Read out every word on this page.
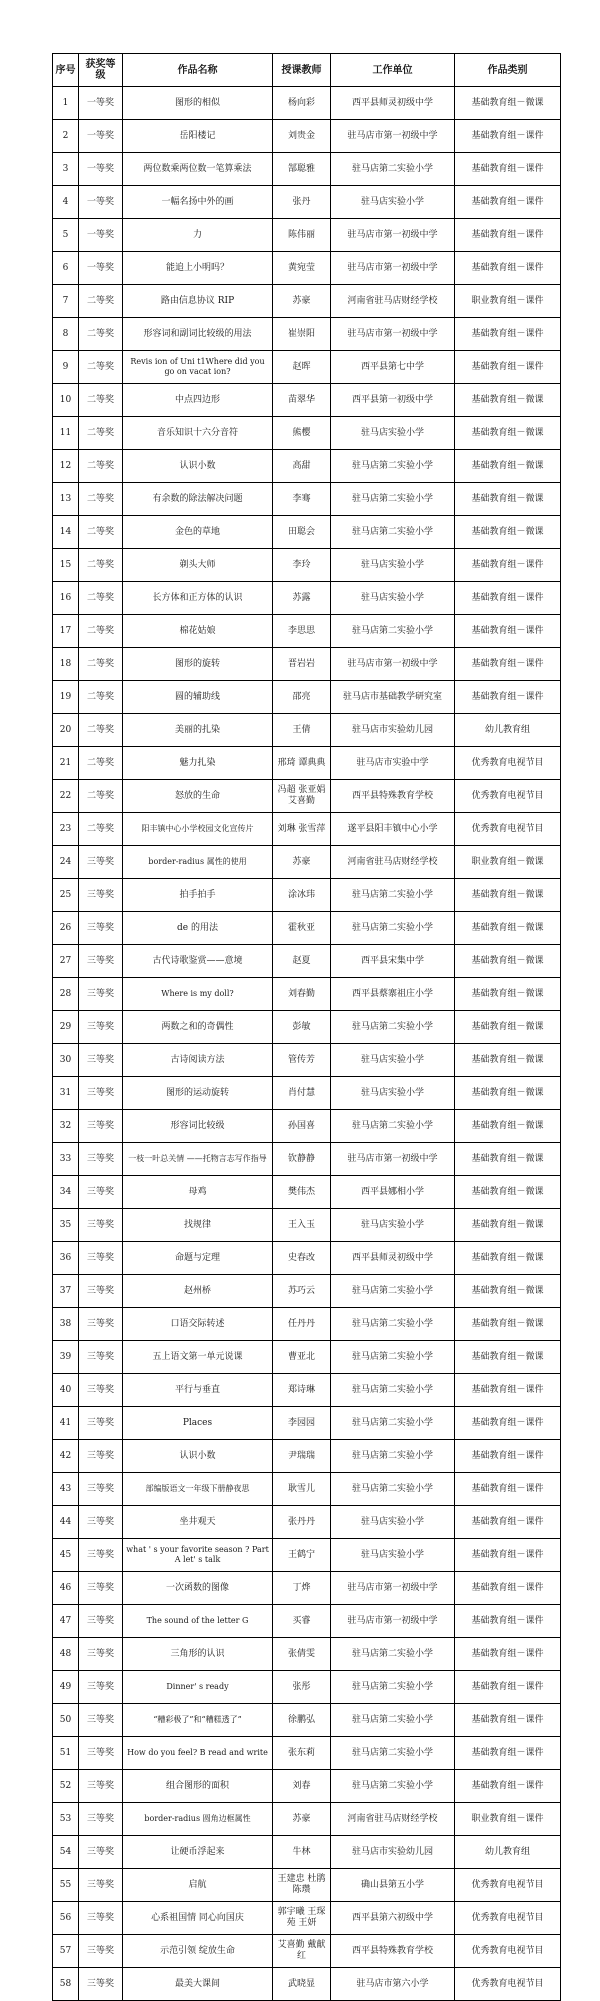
序号	获奖等级	作品名称	授课教师	工作单位	作品类别
1	一等奖	图形的相似	杨向彩	西平县师灵初级中学	基础教育组－微课
2	一等奖	岳阳楼记	刘贵金	驻马店市第一初级中学	基础教育组－课件
3	一等奖	两位数乘两位数一笔算乘法	郜聪雅	驻马店第二实验小学	基础教育组－课件
4	一等奖	一幅名扬中外的画	张丹	驻马店实验小学	基础教育组－课件
5	一等奖	力	陈伟丽	驻马店市第一初级中学	基础教育组－课件
6	一等奖	能追上小明吗？	黄宛莹	驻马店市第一初级中学	基础教育组－课件
7	二等奖	路由信息协议 RIP	苏豪	河南省驻马店财经学校	职业教育组－课件
8	二等奖	形容词和副词比较级的用法	崔崇阳	驻马店市第一初级中学	基础教育组－课件
9	二等奖	Revis ion of Uni t1Where did you go on vacat ion?	赵晖	西平县第七中学	基础教育组－课件
10	二等奖	中点四边形	苗翠华	西平县第一初级中学	基础教育组－微课
11	二等奖	音乐知识十六分音符	熊樱	驻马店实验小学	基础教育组－微课
12	二等奖	认识小数	高甜	驻马店第二实验小学	基础教育组－微课
13	二等奖	有余数的除法解决问题	李骞	驻马店第二实验小学	基础教育组－微课
14	二等奖	金色的草地	田聪会	驻马店第二实验小学	基础教育组－微课
15	二等奖	剃头大师	李玲	驻马店实验小学	基础教育组－课件
16	二等奖	长方体和正方体的认识	苏露	驻马店实验小学	基础教育组－课件
17	二等奖	棉花姑娘	李思思	驻马店第二实验小学	基础教育组－课件
18	二等奖	图形的旋转	晋岩岩	驻马店市第一初级中学	基础教育组－课件
19	二等奖	圆的辅助线	邵亮	驻马店市基础教学研究室	基础教育组－课件
20	二等奖	美丽的扎染	王倩	驻马店市实验幼儿园	幼儿教育组
21	二等奖	魅力扎染	邢琦 谭典典	驻马店市实验中学	优秀教育电视节目
22	二等奖	怒放的生命	冯超 张亚娟 艾喜勤	西平县特殊教育学校	优秀教育电视节目
23	二等奖	阳丰镇中心小学校园文化宣传片	刘琳 张雪萍	遂平县阳丰镇中心小学	优秀教育电视节目
24	三等奖	border-radius 属性的使用	苏豪	河南省驻马店财经学校	职业教育组－微课
25	三等奖	拍手拍手	涂冰玮	驻马店第二实验小学	基础教育组－微课
26	三等奖	de 的用法	霍秋亚	驻马店第二实验小学	基础教育组－微课
27	三等奖	古代诗歌鉴赏——意境	赵夏	西平县宋集中学	基础教育组－微课
28	三等奖	Where is my doll?	刘春勤	西平县蔡寨祖庄小学	基础教育组－微课
29	三等奖	两数之和的奇偶性	彭敏	驻马店第二实验小学	基础教育组－微课
30	三等奖	古诗阅读方法	管传芳	驻马店实验小学	基础教育组－微课
31	三等奖	图形的运动旋转	肖付慧	驻马店实验小学	基础教育组－微课
32	三等奖	形容词比较级	孙国喜	驻马店第二实验小学	基础教育组－微课
33	三等奖	一枝一叶总关情 ——托物言志写作指导	钦静静	驻马店市第一初级中学	基础教育组－微课
34	三等奖	母鸡	樊伟杰	西平县娜相小学	基础教育组－微课
35	三等奖	找规律	王入玉	驻马店实验小学	基础教育组－微课
36	三等奖	命题与定理	史春改	西平县师灵初级中学	基础教育组－微课
37	三等奖	赵州桥	苏巧云	驻马店第二实验小学	基础教育组－微课
38	三等奖	口语交际转述	任丹丹	驻马店第二实验小学	基础教育组－微课
39	三等奖	五上语文第一单元说课	曹亚北	驻马店第二实验小学	基础教育组－微课
40	三等奖	平行与垂直	郑诗琳	驻马店第二实验小学	基础教育组－课件
41	三等奖	Places	李园园	驻马店第二实验小学	基础教育组－课件
42	三等奖	认识小数	尹瑞瑞	驻马店第二实验小学	基础教育组－课件
43	三等奖	部编版语文一年级下册静夜思	耿雪儿	驻马店第二实验小学	基础教育组－课件
44	三等奖	坐井观天	张丹丹	驻马店实验小学	基础教育组－课件
45	三等奖	what ' s your favorite season ? Part A let' s talk	王鹤宁	驻马店实验小学	基础教育组－课件
46	三等奖	一次函数的图像	丁烨	驻马店市第一初级中学	基础教育组－课件
47	三等奖	The sound of the letter G	买睿	驻马店市第一初级中学	基础教育组－课件
48	三等奖	三角形的认识	张倩雯	驻马店第二实验小学	基础教育组－课件
49	三等奖	Dinner' s ready	张彤	驻马店第二实验小学	基础教育组－课件
50	三等奖	“糟彩极了”和“糟糕透了”	徐鹏弘	驻马店第二实验小学	基础教育组－课件
51	三等奖	How do you feel? B read and write	张东莉	驻马店第二实验小学	基础教育组－课件
52	三等奖	组合图形的面积	刘春	驻马店第二实验小学	基础教育组－课件
53	三等奖	border-radius 圆角边框属性	苏豪	河南省驻马店财经学校	职业教育组－课件
54	三等奖	让硬币浮起来	牛林	驻马店市实验幼儿园	幼儿教育组
55	三等奖	启航	王建忠 杜鹃 陈瓒	确山县第五小学	优秀教育电视节目
56	三等奖	心系祖国情 同心向国庆	郭宇曦 王琛 苑 王妍	西平县第六初级中学	优秀教育电视节目
57	三等奖	示范引领 绽放生命	艾喜勤 戴献红	西平县特殊教育学校	优秀教育电视节目
58	三等奖	最美大课间	武晓显	驻马店市第六小学	优秀教育电视节目
